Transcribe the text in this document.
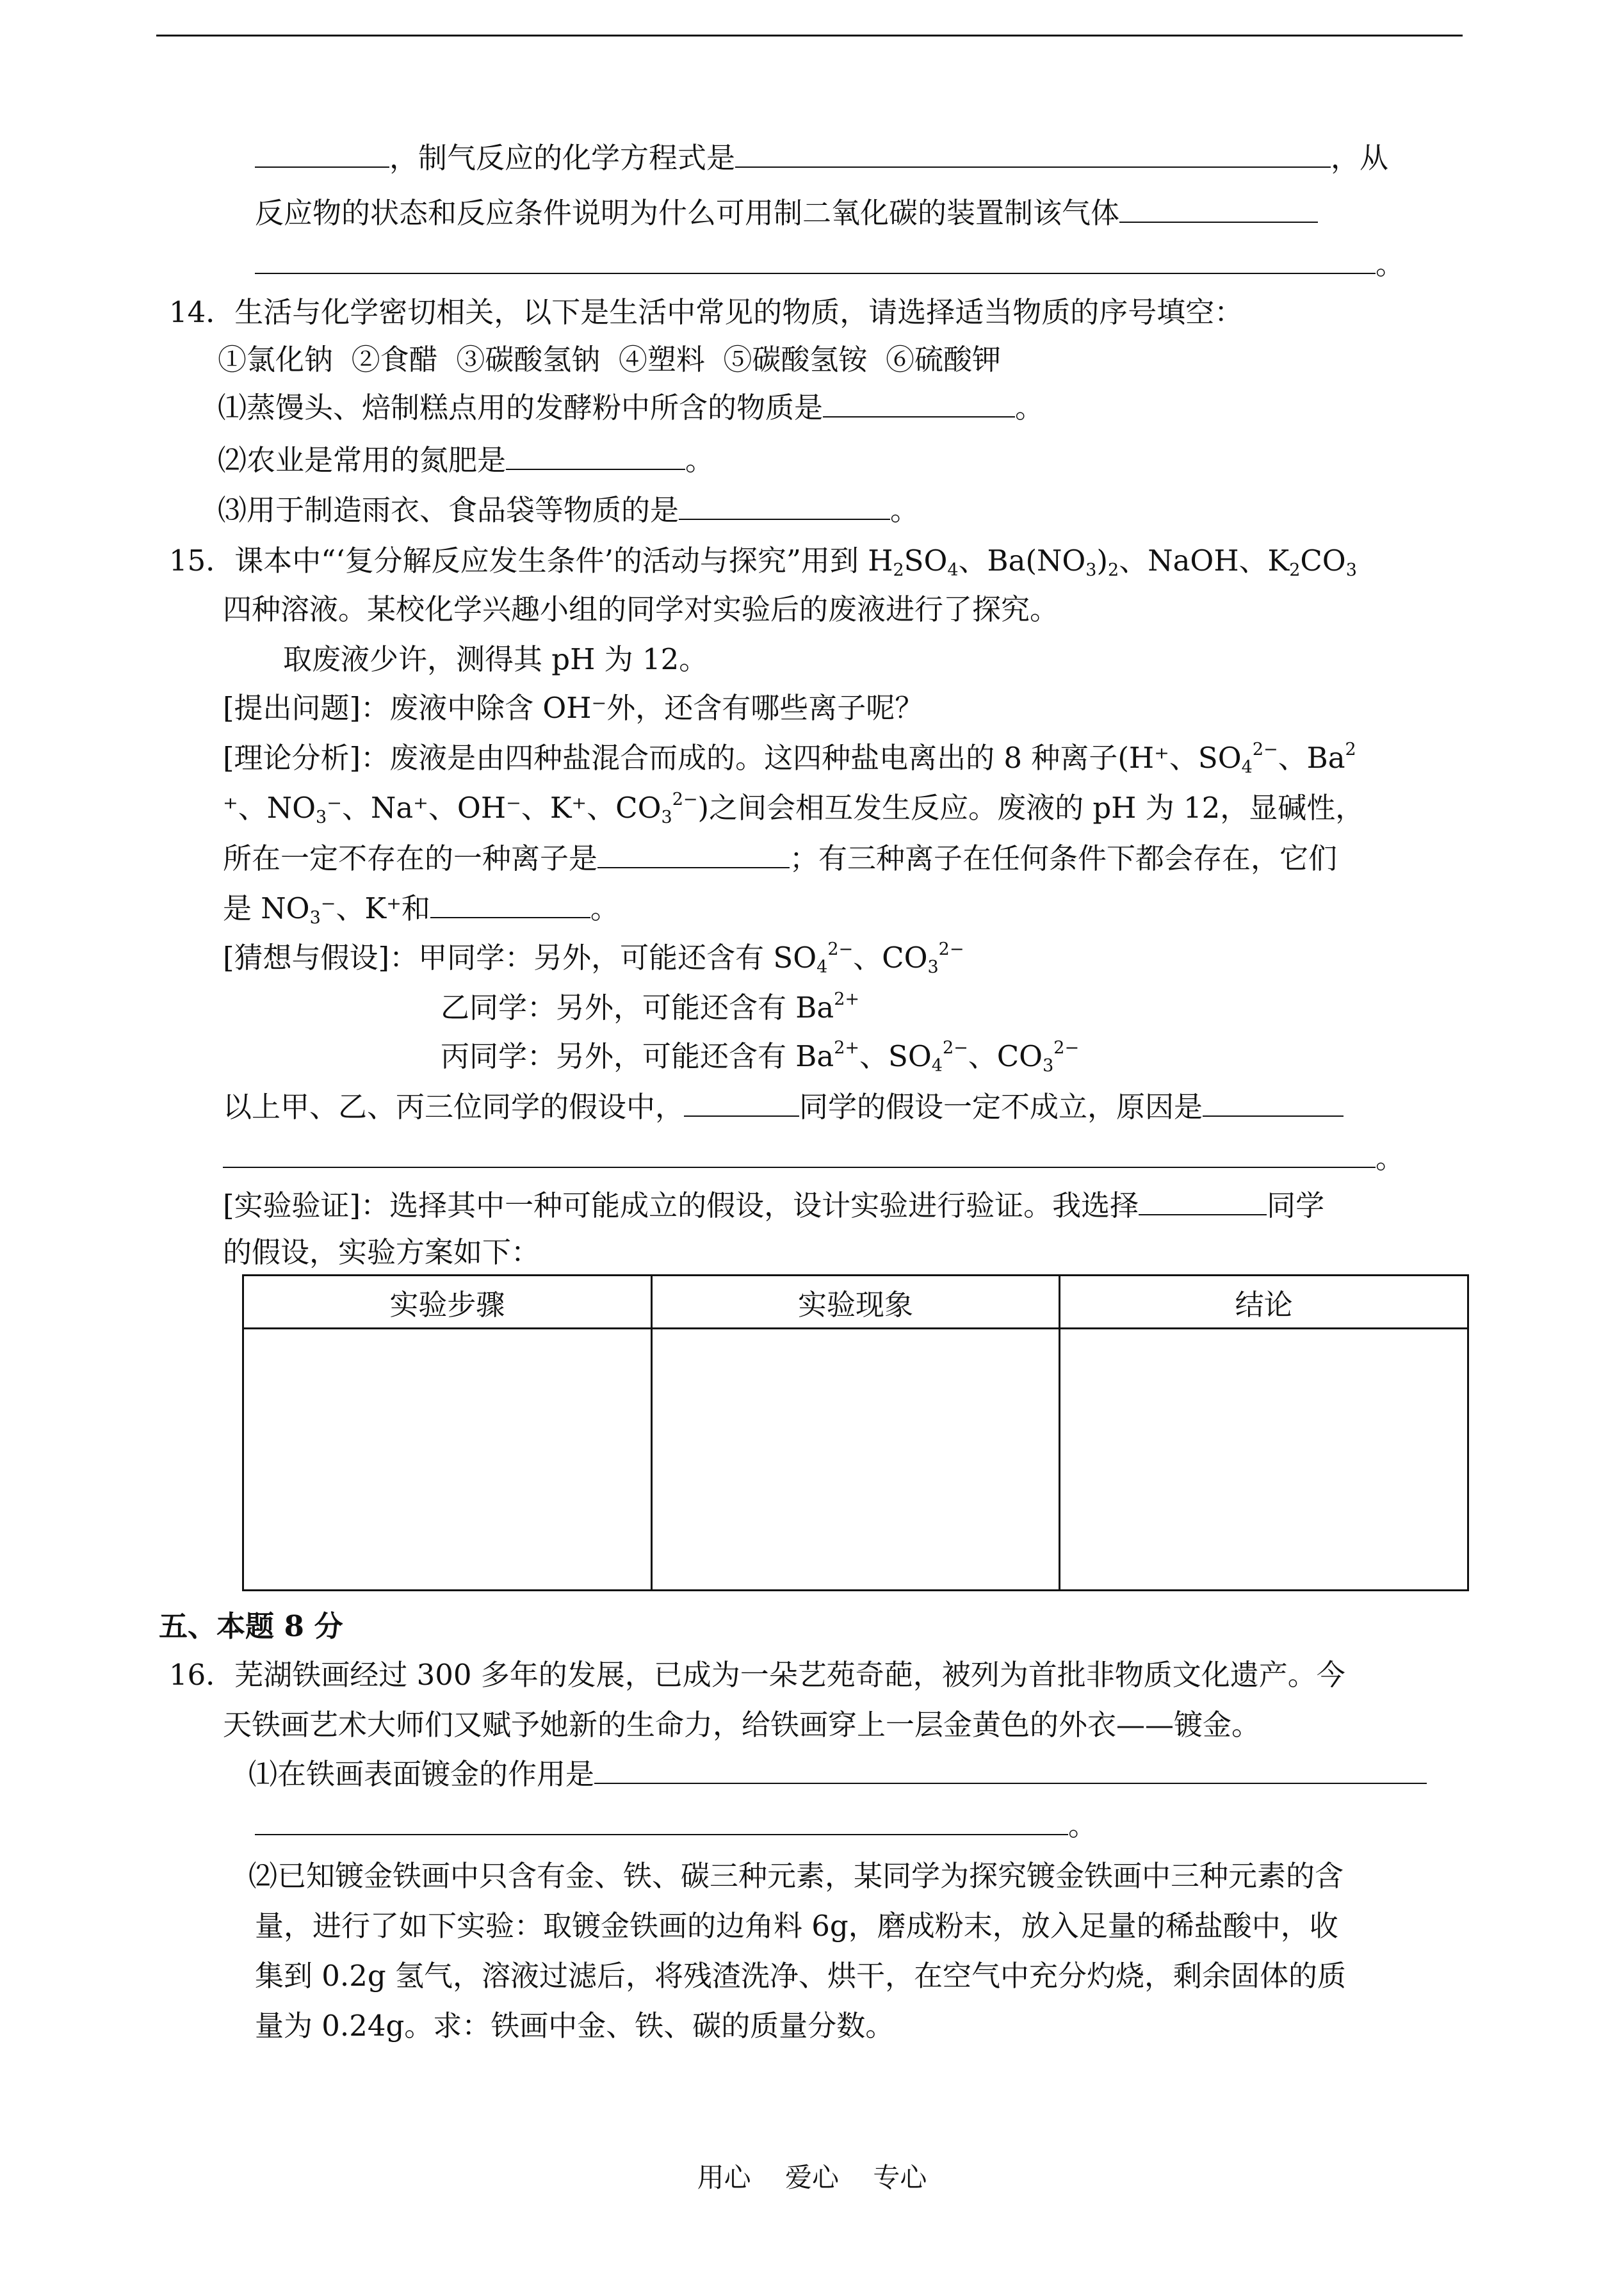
，制气反应的化学方程式是	，从
反应物的状态和反应条件说明为什么可用制二氧化碳的装置制该气体
。
14．生活与化学密切相关，以下是生活中常见的物质，请选择适当物质的序号填空：
①氯化钠  ②食醋  ③碳酸氢钠  ④塑料  ⑤碳酸氢铵  ⑥硫酸钾
⑴蒸馒头、焙制糕点用的发酵粉中所含的物质是	。
⑵农业是常用的氮肥是	。
⑶用于制造雨衣、食品袋等物质的是	。
15．课本中“‘复分解反应发生条件’的活动与探究”用到 $H_2SO_4$、$Ba(NO_3)_2$、NaOH、$K_2CO_3$
四种溶液。某校化学兴趣小组的同学对实验后的废液进行了探究。
取废液少许，测得其 pH 为 12。
[提出问题]：废液中除含 OH⁻外，还含有哪些离子呢？
[理论分析]：废液是由四种盐混合而成的。这四种盐电离出的 8 种离子(H⁺、$SO_4^{2-}$、Ba$^2$
⁺、$NO_3^-$、Na⁺、OH⁻、K⁺、$CO_3^{2-}$)之间会相互发生反应。废液的 pH 为 12，显碱性，
所在一定不存在的一种离子是	；有三种离子在任何条件下都会存在，它们
是 $NO_3^-$、K⁺和	。
[猜想与假设]：甲同学：另外，可能还含有 $SO_4^{2-}$、$CO_3^{2-}$
乙同学：另外，可能还含有 $Ba^{2+}$
丙同学：另外，可能还含有 $Ba^{2+}$、$SO_4^{2-}$、$CO_3^{2-}$
以上甲、乙、丙三位同学的假设中，	同学的假设一定不成立，原因是
。
[实验验证]：选择其中一种可能成立的假设，设计实验进行验证。我选择	同学
的假设，实验方案如下：
实验步骤	实验现象	结论

五、本题 8 分
16．芜湖铁画经过 300 多年的发展，已成为一朵艺苑奇葩，被列为首批非物质文化遗产。今
天铁画艺术大师们又赋予她新的生命力，给铁画穿上一层金黄色的外衣——镀金。
⑴在铁画表面镀金的作用是
。
⑵已知镀金铁画中只含有金、铁、碳三种元素，某同学为探究镀金铁画中三种元素的含
量，进行了如下实验：取镀金铁画的边角料 6g，磨成粉末，放入足量的稀盐酸中，收
集到 0.2g 氢气，溶液过滤后，将残渣洗净、烘干，在空气中充分灼烧，剩余固体的质
量为 0.24g。求：铁画中金、铁、碳的质量分数。
用心    爱心    专心
